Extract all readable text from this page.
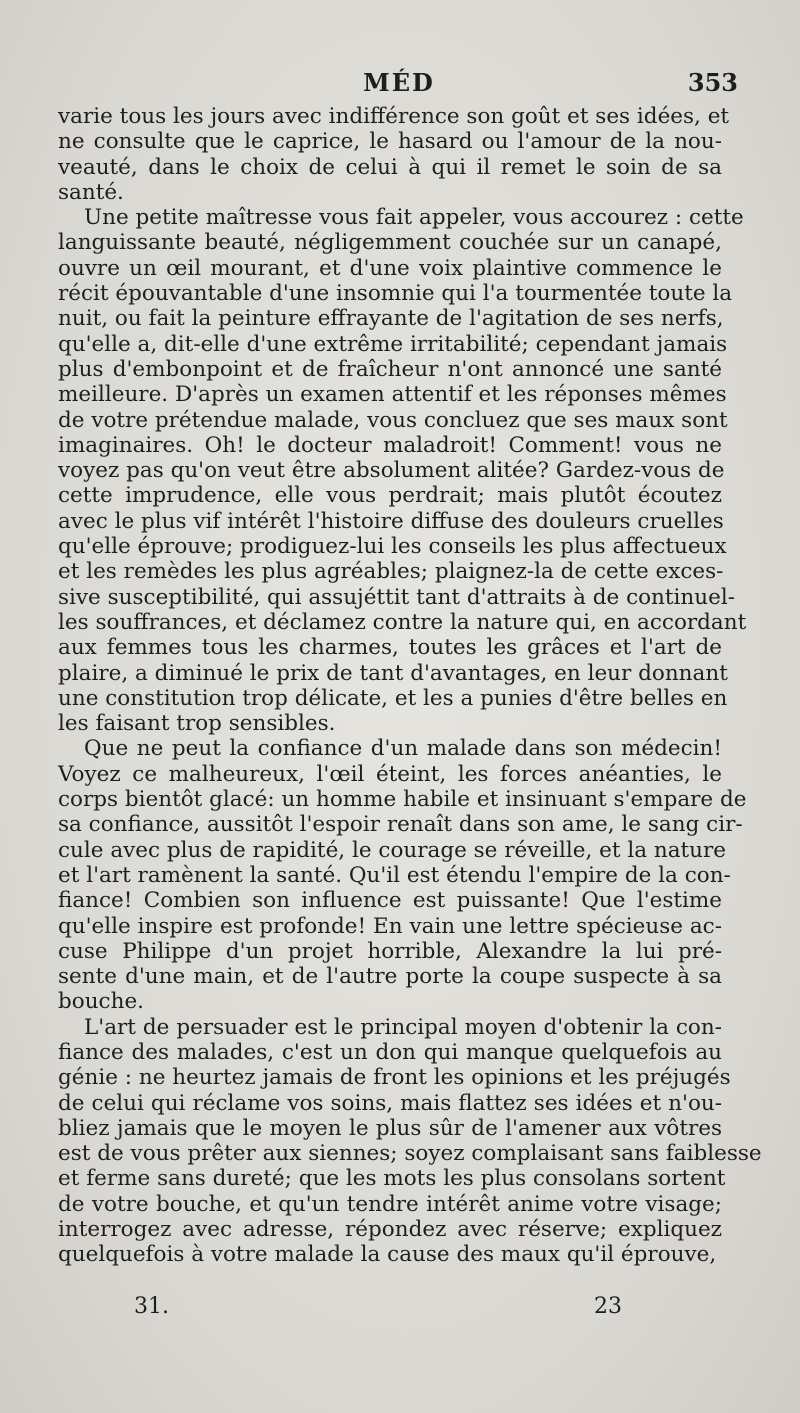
MÉD	353
varie tous les jours avec indifférence son goût et ses idées, et
ne consulte que le caprice, le hasard ou l'amour de la nou-
veauté, dans le choix de celui à qui il remet le soin de sa
santé.
Une petite maîtresse vous fait appeler, vous accourez : cette
languissante beauté, négligemment couchée sur un canapé,
ouvre un œil mourant, et d'une voix plaintive commence le
récit épouvantable d'une insomnie qui l'a tourmentée toute la
nuit, ou fait la peinture effrayante de l'agitation de ses nerfs,
qu'elle a, dit-elle d'une extrême irritabilité; cependant jamais
plus d'embonpoint et de fraîcheur n'ont annoncé une santé
meilleure. D'après un examen attentif et les réponses mêmes
de votre prétendue malade, vous concluez que ses maux sont
imaginaires. Oh! le docteur maladroit! Comment! vous ne
voyez pas qu'on veut être absolument alitée? Gardez-vous de
cette imprudence, elle vous perdrait; mais plutôt écoutez
avec le plus vif intérêt l'histoire diffuse des douleurs cruelles
qu'elle éprouve; prodiguez-lui les conseils les plus affectueux
et les remèdes les plus agréables; plaignez-la de cette exces-
sive susceptibilité, qui assujéttit tant d'attraits à de continuel-
les souffrances, et déclamez contre la nature qui, en accordant
aux femmes tous les charmes, toutes les grâces et l'art de
plaire, a diminué le prix de tant d'avantages, en leur donnant
une constitution trop délicate, et les a punies d'être belles en
les faisant trop sensibles.
Que ne peut la confiance d'un malade dans son médecin!
Voyez ce malheureux, l'œil éteint, les forces anéanties, le
corps bientôt glacé: un homme habile et insinuant s'empare de
sa confiance, aussitôt l'espoir renaît dans son ame, le sang cir-
cule avec plus de rapidité, le courage se réveille, et la nature
et l'art ramènent la santé. Qu'il est étendu l'empire de la con-
fiance! Combien son influence est puissante! Que l'estime
qu'elle inspire est profonde! En vain une lettre spécieuse ac-
cuse Philippe d'un projet horrible, Alexandre la lui pré-
sente d'une main, et de l'autre porte la coupe suspecte à sa
bouche.
L'art de persuader est le principal moyen d'obtenir la con-
fiance des malades, c'est un don qui manque quelquefois au
génie : ne heurtez jamais de front les opinions et les préjugés
de celui qui réclame vos soins, mais flattez ses idées et n'ou-
bliez jamais que le moyen le plus sûr de l'amener aux vôtres
est de vous prêter aux siennes; soyez complaisant sans faiblesse
et ferme sans dureté; que les mots les plus consolans sortent
de votre bouche, et qu'un tendre intérêt anime votre visage;
interrogez avec adresse, répondez avec réserve; expliquez
quelquefois à votre malade la cause des maux qu'il éprouve,
31.	23
